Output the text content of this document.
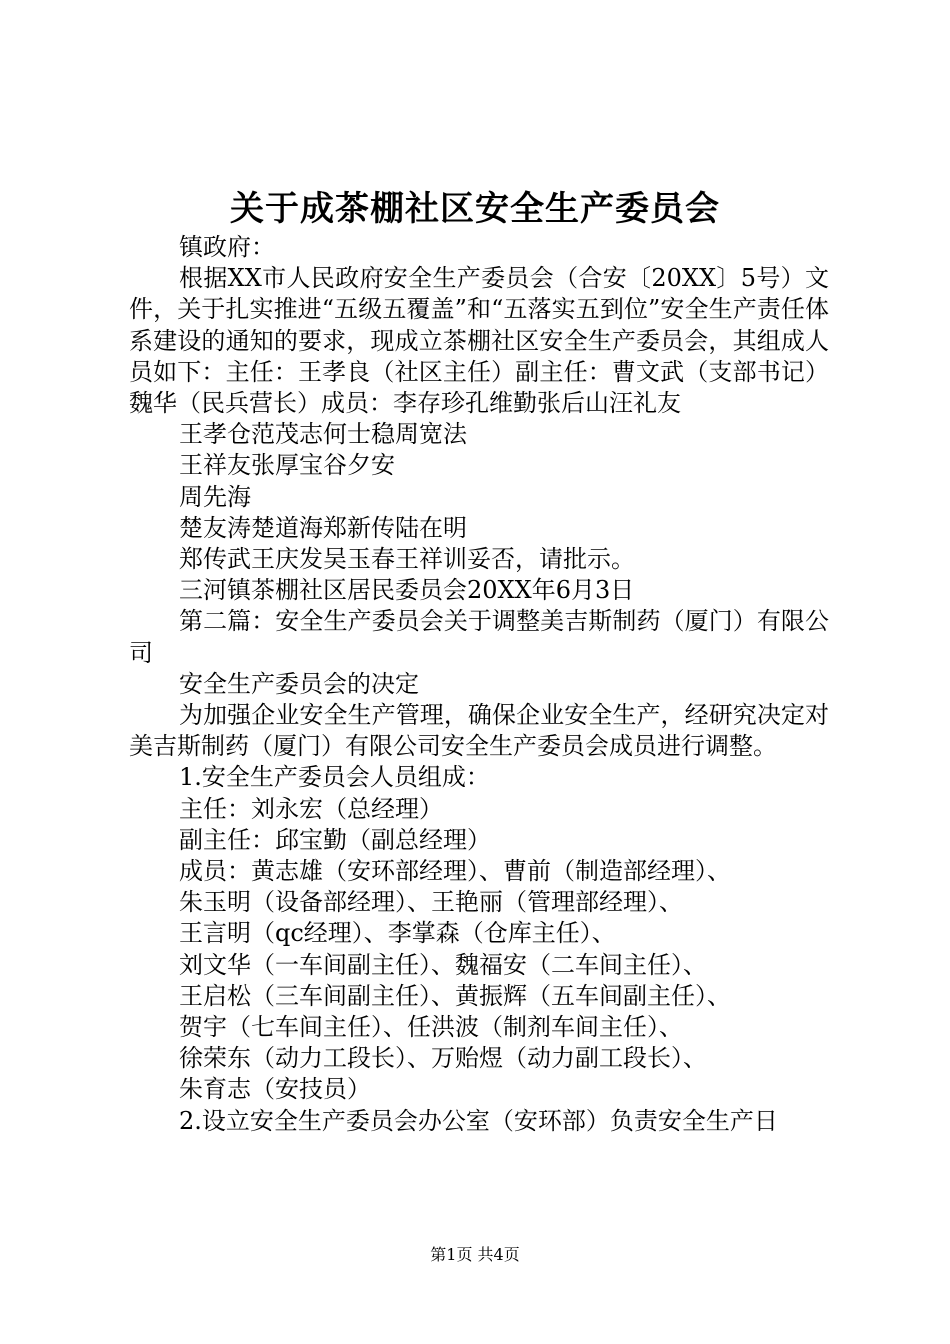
关于成茶棚社区安全生产委员会

镇政府：

根据XX市人民政府安全生产委员会（合安〔20XX〕5号）文件，关于扎实推进“五级五覆盖”和“五落实五到位”安全生产责任体系建设的通知的要求，现成立茶棚社区安全生产委员会，其组成人员如下：主任：王孝良（社区主任）副主任：曹文武（支部书记）魏华（民兵营长）成员：李存珍孔维勤张后山汪礼友

王孝仓范茂志何士稳周宽法

王祥友张厚宝谷夕安

周先海

楚友涛楚道海郑新传陆在明

郑传武王庆发吴玉春王祥训妥否，请批示。

三河镇茶棚社区居民委员会20XX年6月3日

第二篇：安全生产委员会关于调整美吉斯制药（厦门）有限公司

安全生产委员会的决定

为加强企业安全生产管理，确保企业安全生产，经研究决定对美吉斯制药（厦门）有限公司安全生产委员会成员进行调整。

1.安全生产委员会人员组成：

主任：刘永宏（总经理）

副主任：邱宝勤（副总经理）

成员：黄志雄（安环部经理）、曹前（制造部经理）、

朱玉明（设备部经理）、王艳丽（管理部经理）、

王言明（qc经理）、李掌森（仓库主任）、

刘文华（一车间副主任）、魏福安（二车间主任）、

王启松（三车间副主任）、黄振辉（五车间副主任）、

贺宇（七车间主任）、任洪波（制剂车间主任）、

徐荣东（动力工段长）、万贻煜（动力副工段长）、

朱育志（安技员）

2.设立安全生产委员会办公室（安环部）负责安全生产日

第1页 共4页
